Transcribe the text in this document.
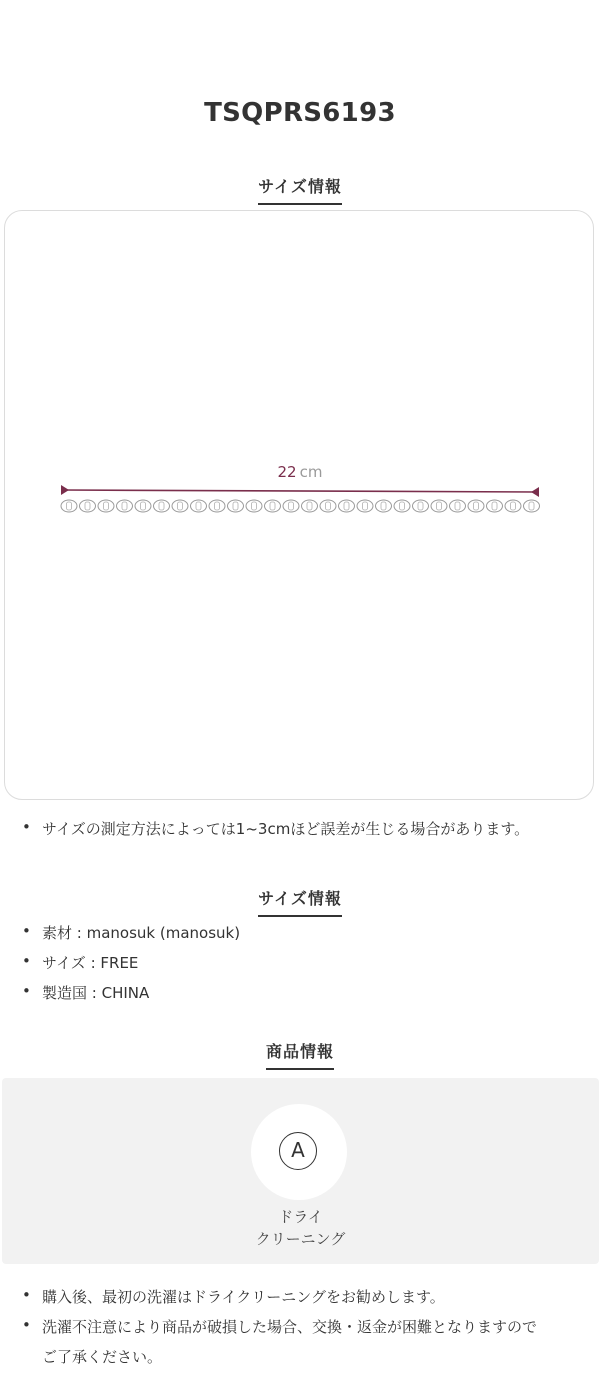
TSQPRS6193
サイズ情報
22 cm
• サイズの測定方法によっては1~3cmほど誤差が生じる場合があります。
サイズ情報
• 素材 : manosuk (manosuk)
• サイズ : FREE
• 製造国 : CHINA
商品情報
A
ドライ
クリーニング
• 購入後、最初の洗濯はドライクリーニングをお勧めします。
• 洗濯不注意により商品が破損した場合、交換・返金が困難となりますので
ご了承ください。
